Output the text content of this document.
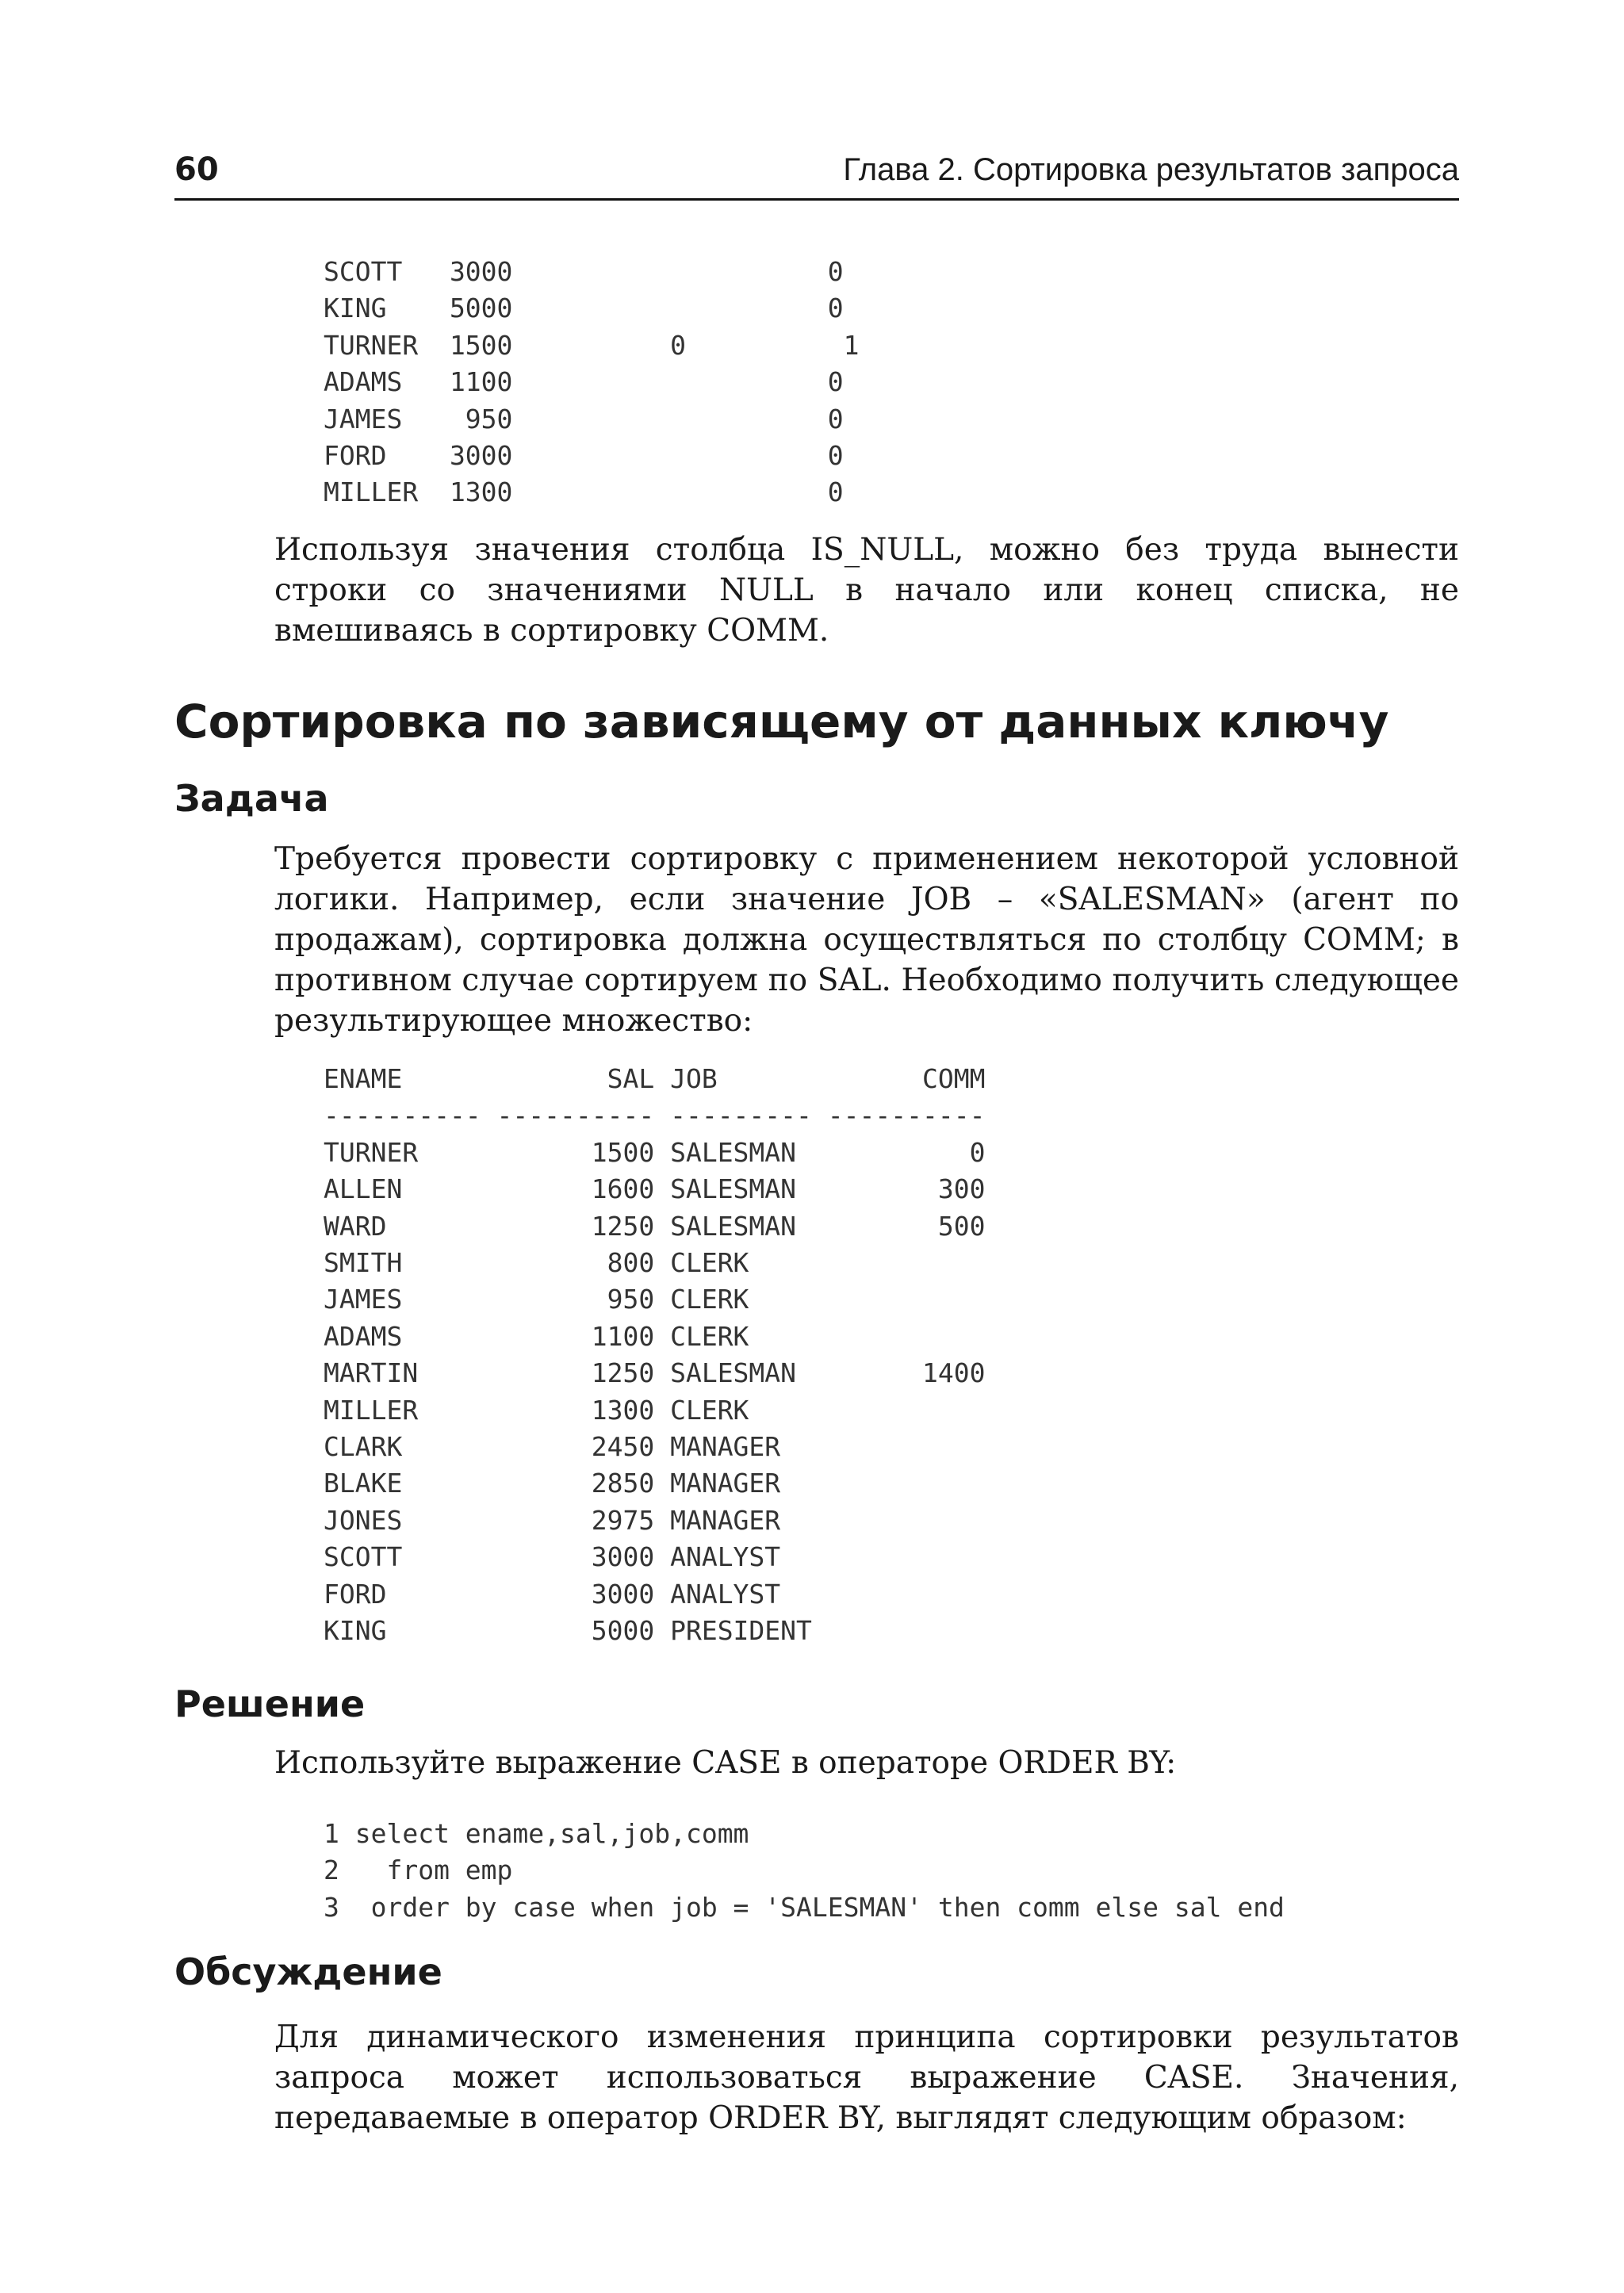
60	Глава 2. Сортировка результатов запроса
SCOTT   3000                    0
KING    5000                    0
TURNER  1500          0          1
ADAMS   1100                    0
JAMES    950                    0
FORD    3000                    0
MILLER  1300                    0

Используя значения столбца IS_NULL, можно без труда вынести строки со значениями NULL в начало или конец списка, не вмешиваясь в сортировку COMM.

Сортировка по зависящему от данных ключу
Задача

Требуется провести сортировку с применением некоторой условной логики. Например, если значение JOB – «SALESMAN» (агент по продажам), сортировка должна осуществляться по столбцу COMM; в противном случае сортируем по SAL. Необходимо получить следующее результирующее множество:

ENAME             SAL JOB             COMM
---------- ---------- --------- ----------
TURNER           1500 SALESMAN           0
ALLEN            1600 SALESMAN         300
WARD             1250 SALESMAN         500
SMITH             800 CLERK
JAMES             950 CLERK
ADAMS            1100 CLERK
MARTIN           1250 SALESMAN        1400
MILLER           1300 CLERK
CLARK            2450 MANAGER
BLAKE            2850 MANAGER
JONES            2975 MANAGER
SCOTT            3000 ANALYST
FORD             3000 ANALYST
KING             5000 PRESIDENT
Решение

Используйте выражение CASE в операторе ORDER BY:

1 select ename,sal,job,comm
2   from emp
3  order by case when job = 'SALESMAN' then comm else sal end
Обсуждение

Для динамического изменения принципа сортировки результатов запроса может использоваться выражение CASE. Значения, передаваемые в оператор ORDER BY, выглядят следующим образом:
